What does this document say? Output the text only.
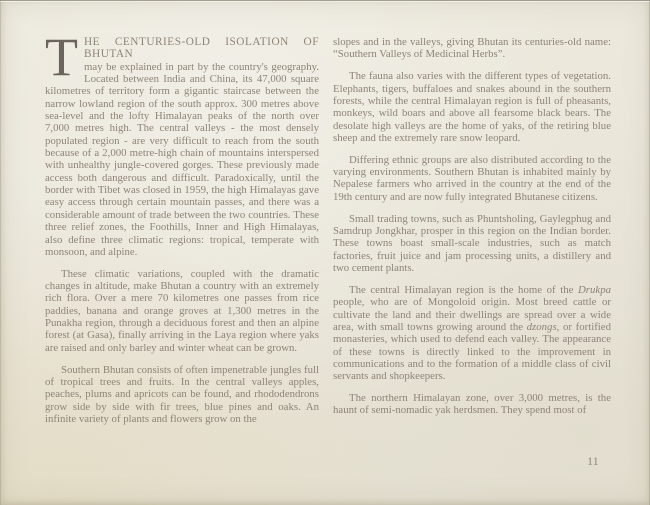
T HE CENTURIES-OLD ISOLATION OF BHUTAN
may be explained in part by the country's geography. Located between India and China, its 47,000 square kilometres of territory form a gigantic staircase between the narrow lowland region of the south approx. 300 metres above sea-level and the lofty Himalayan peaks of the north over 7,000 metres high. The central valleys - the most densely populated region - are very difficult to reach from the south because of a 2,000 metre-high chain of mountains interspersed with unhealthy jungle-covered gorges. These previously made access both dangerous and difficult. Paradoxically, until the border with Tibet was closed in 1959, the high Himalayas gave easy access through certain mountain passes, and there was a considerable amount of trade between the two countries. These three relief zones, the Foothills, Inner and High Himalayas, also define three climatic regions: tropical, temperate with monsoon, and alpine.

These climatic variations, coupled with the dramatic changes in altitude, make Bhutan a country with an extremely rich flora. Over a mere 70 kilometres one passes from rice paddies, banana and orange groves at 1,300 metres in the Punakha region, through a deciduous forest and then an alpine forest (at Gasa), finally arriving in the Laya region where yaks are raised and only barley and winter wheat can be grown.

Southern Bhutan consists of often impenetrable jungles full of tropical trees and fruits. In the central valleys apples, peaches, plums and apricots can be found, and rhododendrons grow side by side with fir trees, blue pines and oaks. An infinite variety of plants and flowers grow on the

slopes and in the valleys, giving Bhutan its centuries-old name: “Southern Valleys of Medicinal Herbs”.

The fauna also varies with the different types of vegetation. Elephants, tigers, buffaloes and snakes abound in the southern forests, while the central Himalayan region is full of pheasants, monkeys, wild boars and above all fearsome black bears. The desolate high valleys are the home of yaks, of the retiring blue sheep and the extremely rare snow leopard.

Differing ethnic groups are also distributed according to the varying environments. Southern Bhutan is inhabited mainly by Nepalese farmers who arrived in the country at the end of the 19th century and are now fully integrated Bhutanese citizens.

Small trading towns, such as Phuntsholing, Gaylegphug and Samdrup Jongkhar, prosper in this region on the Indian border. These towns boast small-scale industries, such as match factories, fruit juice and jam processing units, a distillery and two cement plants.

The central Himalayan region is the home of the Drukpa people, who are of Mongoloid origin. Most breed cattle or cultivate the land and their dwellings are spread over a wide area, with small towns growing around the dzongs, or fortified monasteries, which used to defend each valley. The appearance of these towns is directly linked to the improvement in communications and to the formation of a middle class of civil servants and shopkeepers.

The northern Himalayan zone, over 3,000 metres, is the haunt of semi-nomadic yak herdsmen. They spend most of

11
